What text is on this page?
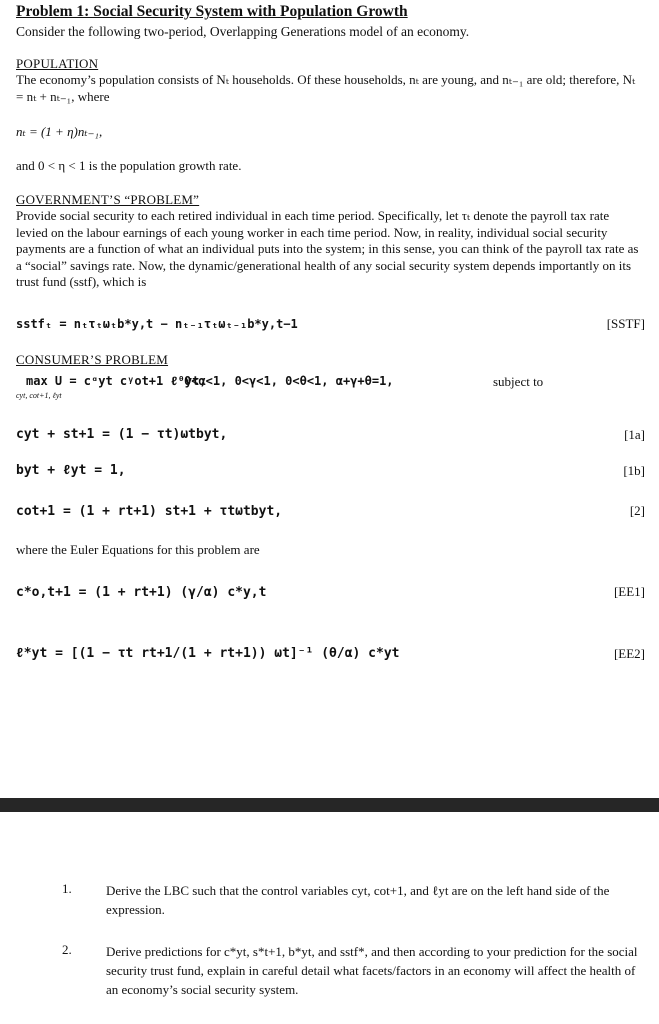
Problem 1: Social Security System with Population Growth
Consider the following two-period, Overlapping Generations model of an economy.
POPULATION
The economy’s population consists of Nₜ households. Of these households, nₜ are young, and nₜ₋₁ are old; therefore, Nₜ = nₜ + nₜ₋₁, where
nₜ = (1 + η)nₜ₋₁,
and 0 < η < 1 is the population growth rate.
GOVERNMENT’S “PROBLEM”
Provide social security to each retired individual in each time period. Specifically, let τₜ denote the payroll tax rate levied on the labour earnings of each young worker in each time period. Now, in reality, individual social security payments are a function of what an individual puts into the system; in this sense, you can think of the payroll tax rate as a “social” savings rate. Now, the dynamic/generational health of any social security system depends importantly on its trust fund (sstf), which is
sstfₜ = nₜτₜωₜb*y,t − nₜ₋₁τₜωₜ₋₁b*y,t−1	[SSTF]
CONSUMER’S PROBLEM
max U = cᵅyt cᵞot+1 ℓᶿyt,
cyt, cot+1, ℓyt
0<α<1, 0<γ<1, 0<θ<1, α+γ+θ=1,	subject to
cyt + st+1 = (1 − τt)ωtbyt,	[1a]
byt + ℓyt = 1,	[1b]
cot+1 = (1 + rt+1) st+1 + τtωtbyt,	[2]
where the Euler Equations for this problem are
c*o,t+1 = (1 + rt+1) (γ/α) c*y,t	[EE1]
ℓ*yt = [(1 − τt rt+1/(1 + rt+1)) ωt]⁻¹ (θ/α) c*yt	[EE2]
1.	Derive the LBC such that the control variables cyt, cot+1, and ℓyt are on the left hand side of the expression.
2.	Derive predictions for c*yt, s*t+1, b*yt, and sstf*, and then according to your prediction for the social security trust fund, explain in careful detail what facets/factors in an economy will affect the health of an economy’s social security system.
